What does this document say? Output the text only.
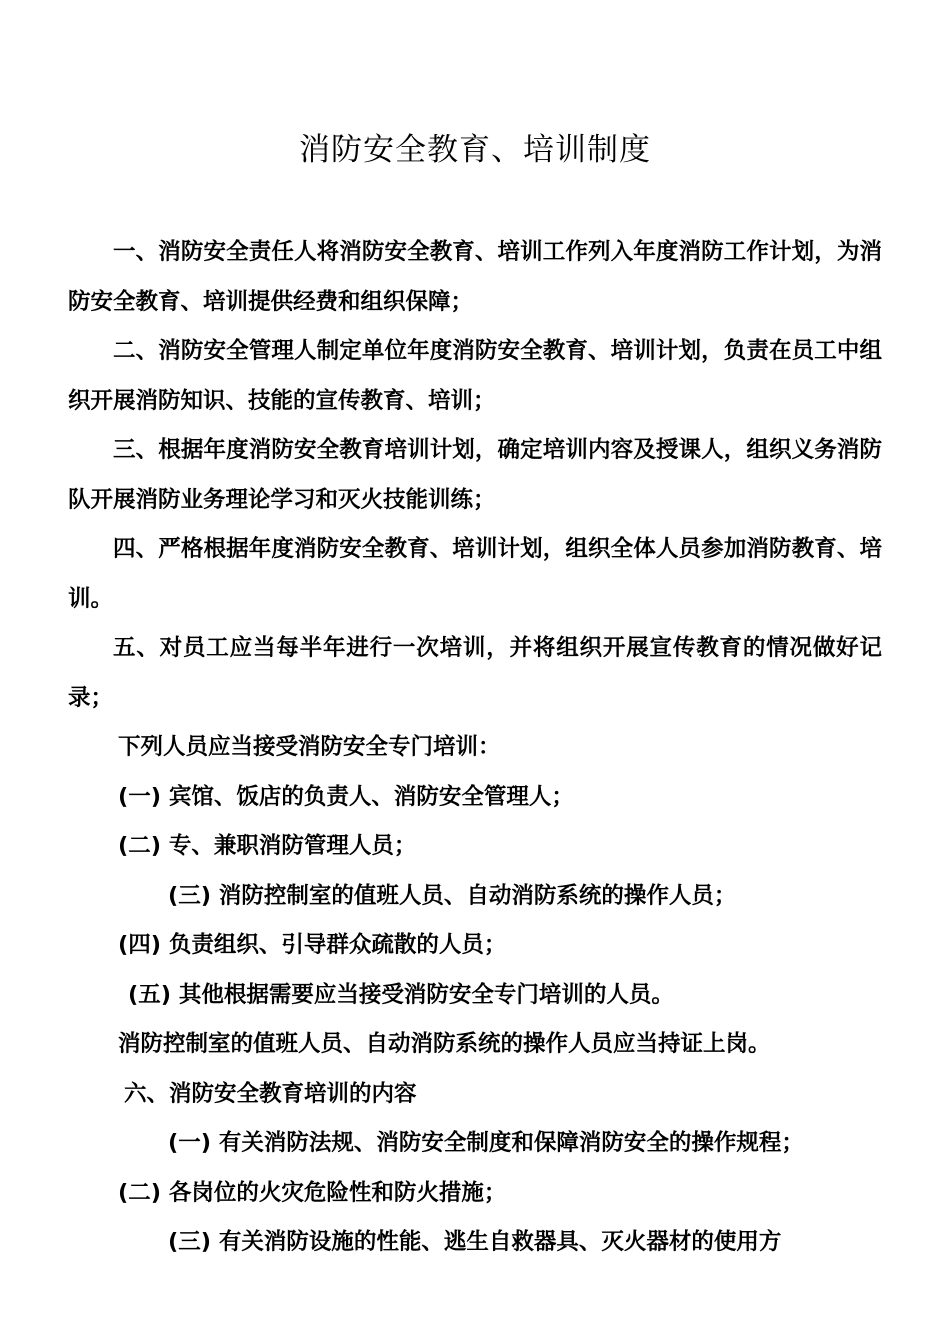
消防安全教育、培训制度

一、消防安全责任人将消防安全教育、培训工作列入年度消防工作计划，为消防安全教育、培训提供经费和组织保障；

二、消防安全管理人制定单位年度消防安全教育、培训计划，负责在员工中组织开展消防知识、技能的宣传教育、培训；

三、根据年度消防安全教育培训计划，确定培训内容及授课人，组织义务消防队开展消防业务理论学习和灭火技能训练；

四、严格根据年度消防安全教育、培训计划，组织全体人员参加消防教育、培训。

五、对员工应当每半年进行一次培训，并将组织开展宣传教育的情况做好记录；

下列人员应当接受消防安全专门培训：

(一) 宾馆、饭店的负责人、消防安全管理人；

(二) 专、兼职消防管理人员；

(三) 消防控制室的值班人员、自动消防系统的操作人员；

(四) 负责组织、引导群众疏散的人员；

(五) 其他根据需要应当接受消防安全专门培训的人员。

消防控制室的值班人员、自动消防系统的操作人员应当持证上岗。

六、消防安全教育培训的内容

(一) 有关消防法规、消防安全制度和保障消防安全的操作规程；

(二) 各岗位的火灾危险性和防火措施；

(三) 有关消防设施的性能、逃生自救器具、灭火器材的使用方
